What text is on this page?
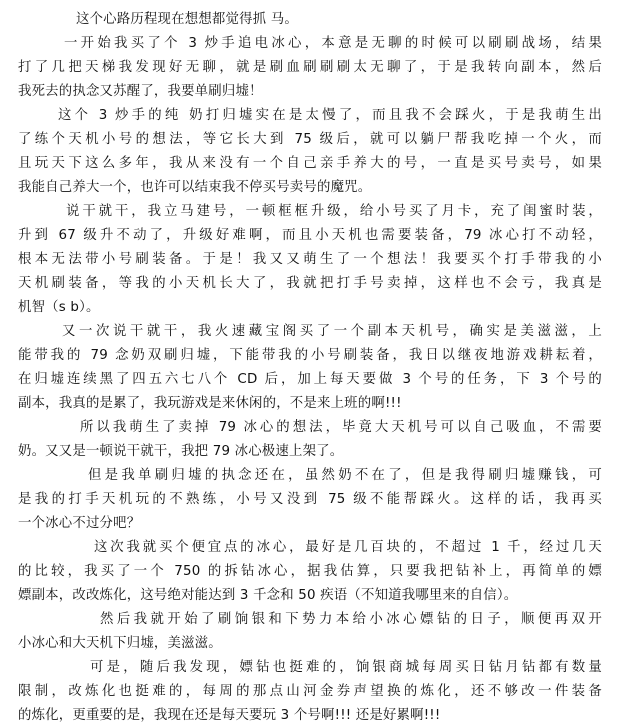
这个心路历程现在想想都觉得抓 马。
一开始我买了个 3 炒手追电冰心，本意是无聊的时候可以刷刷战场，结果
打了几把天梯我发现好无聊，就是刷血刷刷刷太无聊了，于是我转向副本，然后
我死去的执念又苏醒了，我要单刷归墟！
这个 3 炒手的纯 奶打归墟实在是太慢了，而且我不会踩火，于是我萌生出
了练个天机小号的想法，等它长大到 75 级后，就可以躺尸帮我吃掉一个火，而
且玩天下这么多年，我从来没有一个自己亲手养大的号，一直是买号卖号，如果
我能自己养大一个，也许可以结束我不停买号卖号的魔咒。
说干就干，我立马建号，一顿框框升级，给小号买了月卡，充了闺蜜时装，
升到 67 级升不动了，升级好难啊，而且小天机也需要装备，79 冰心打不动轻，
根本无法带小号刷装备。于是！我又又萌生了一个想法！我要买个打手带我的小
天机刷装备，等我的小天机长大了，我就把打手号卖掉，这样也不会亏，我真是
机智（s b）。
又一次说干就干，我火速藏宝阁买了一个副本天机号，确实是美滋滋，上
能带我的 79 念奶双刷归墟，下能带我的小号刷装备，我日以继夜地游戏耕耘着，
在归墟连续黑了四五六七八个 CD 后，加上每天要做 3 个号的任务，下 3 个号的
副本，我真的是累了，我玩游戏是来休闲的，不是来上班的啊!!!
所以我萌生了卖掉 79 冰心的想法，毕竟大天机号可以自己吸血，不需要
奶。又又是一顿说干就干，我把 79 冰心极速上架了。
但是我单刷归墟的执念还在，虽然奶不在了，但是我得刷归墟赚钱，可
是我的打手天机玩的不熟练，小号又没到 75 级不能帮踩火。这样的话，我再买
一个冰心不过分吧？
这次我就买个便宜点的冰心，最好是几百块的，不超过 1 千，经过几天
的比较，我买了一个 750 的拆钻冰心，据我估算，只要我把钻补上，再简单的嫖
嫖副本，改改炼化，这号绝对能达到 3 千念和 50 疾语（不知道我哪里来的自信）。
然后我就开始了刷饷银和下势力本给小冰心嫖钻的日子，顺便再双开
小冰心和大天机下归墟，美滋滋。
可是，随后我发现，嫖钻也挺难的，饷银商城每周买日钻月钻都有数量
限制，改炼化也挺难的，每周的那点山河金券声望换的炼化，还不够改一件装备
的炼化，更重要的是，我现在还是每天要玩 3 个号啊!!! 还是好累啊!!!
